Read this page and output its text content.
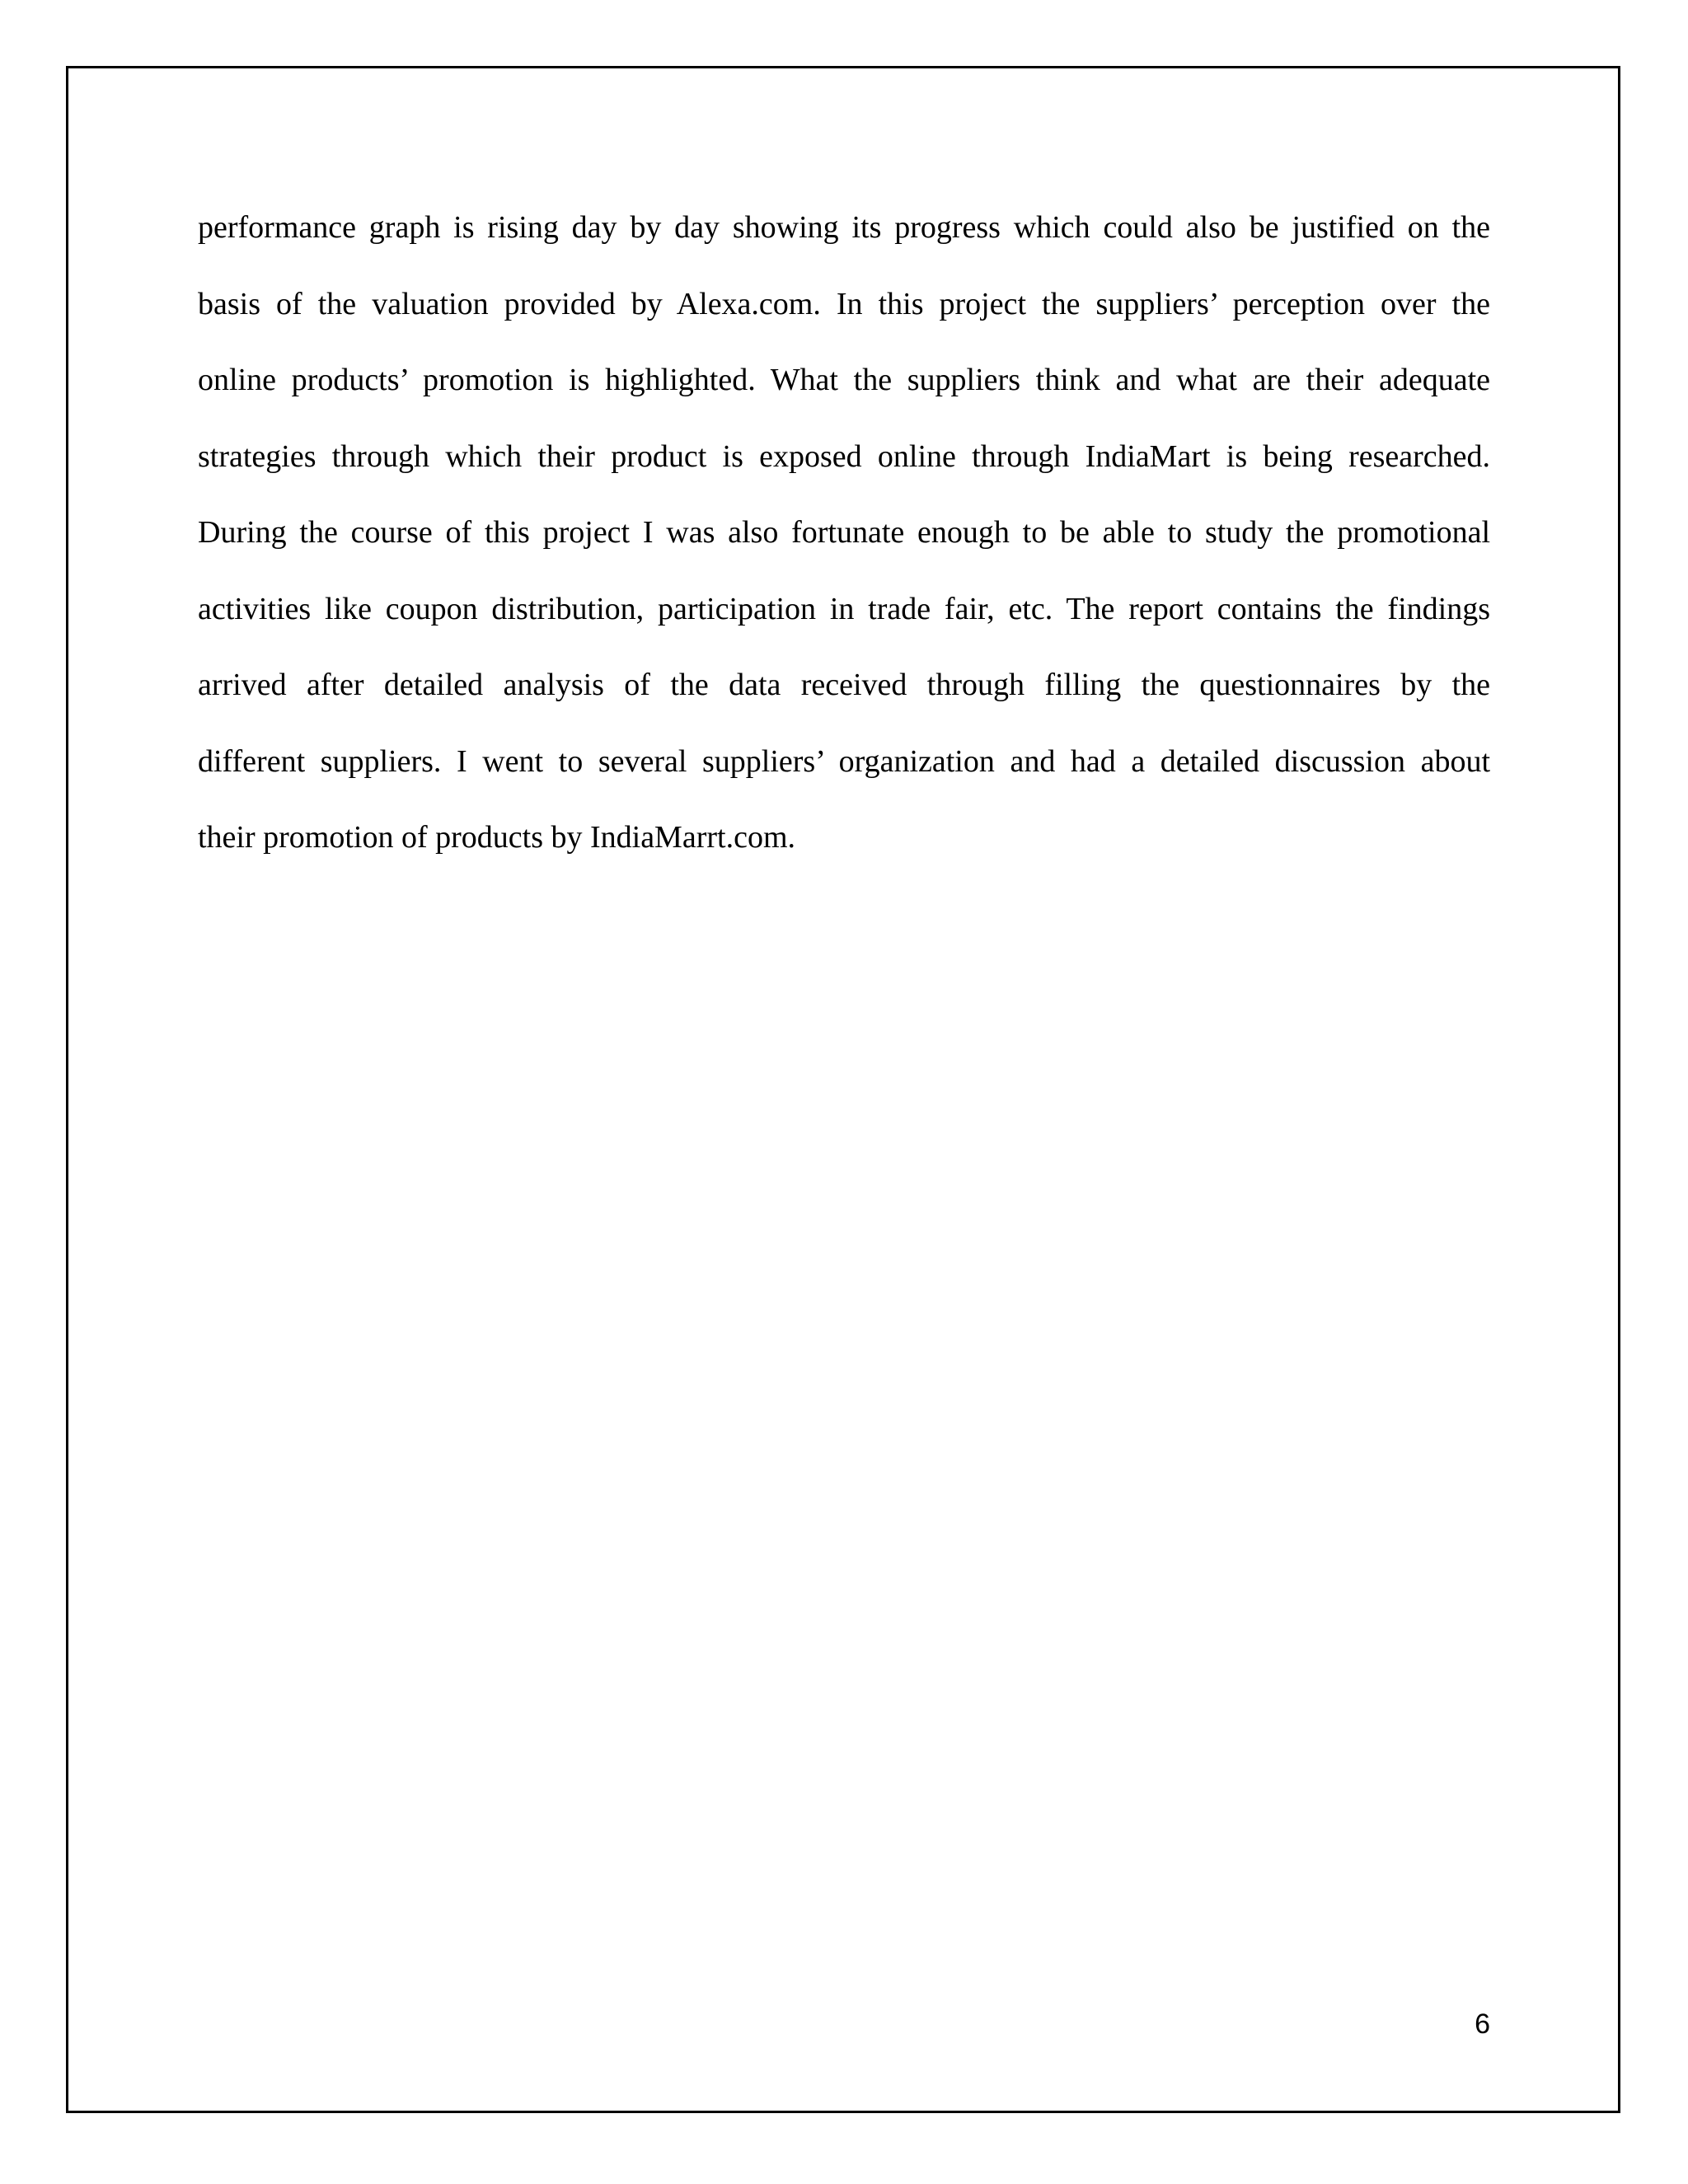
performance graph is rising day by day showing its progress which could also be justified on the
basis of the valuation provided by Alexa.com. In this project the suppliers’ perception over the
online products’ promotion is highlighted. What the suppliers think and what are their adequate
strategies through which their product is exposed online through IndiaMart is being researched.
During the course of this project I was also fortunate enough to be able to study the promotional
activities like coupon distribution, participation in trade fair, etc. The report contains the findings
arrived after detailed analysis of the data received through filling the questionnaires by the
different suppliers. I went to several suppliers’ organization and had a detailed discussion about
their promotion of products by IndiaMarrt.com.
6
